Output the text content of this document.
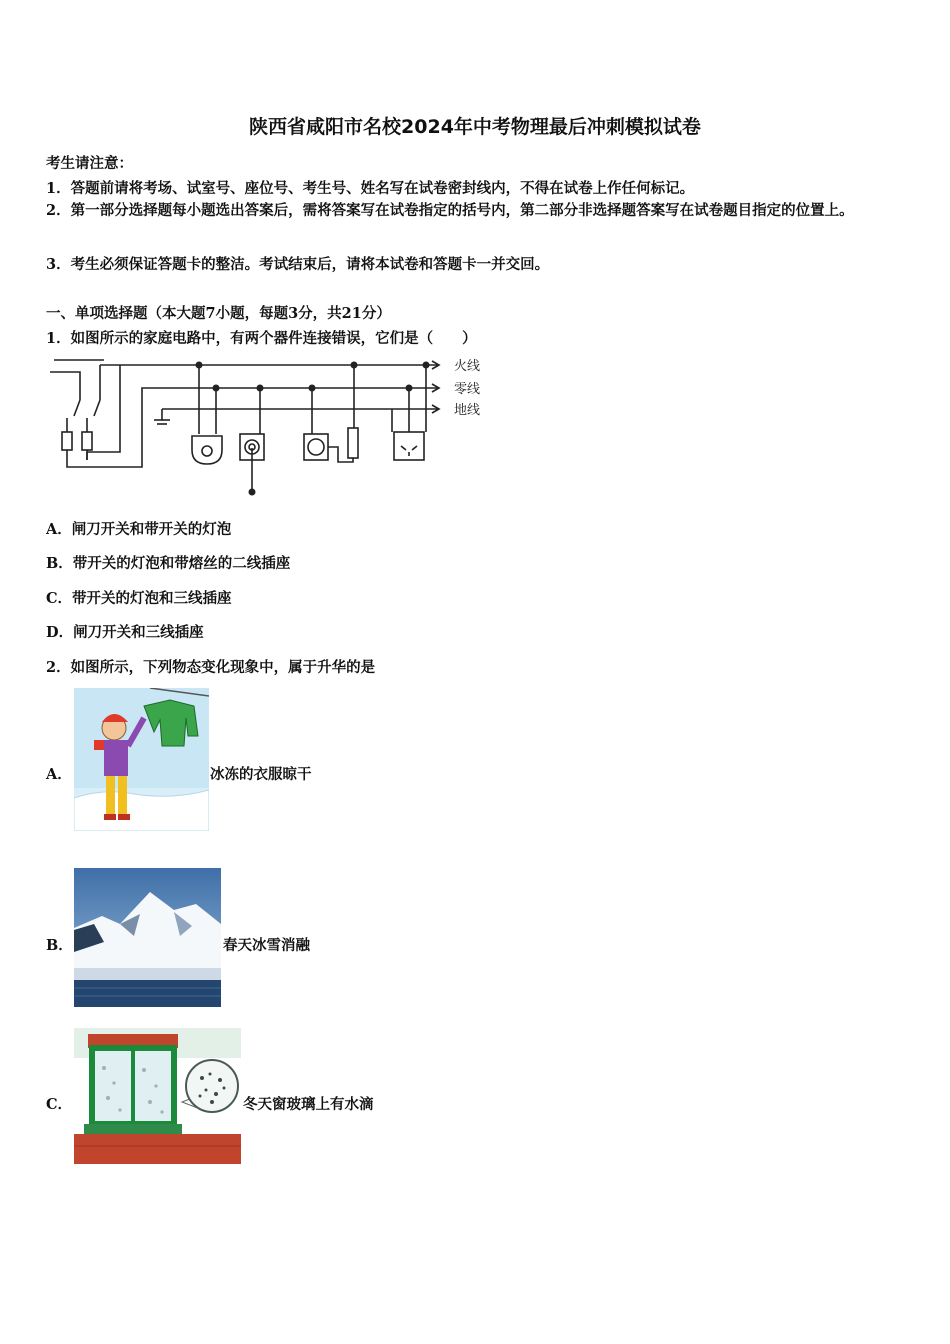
陕西省咸阳市名校2024年中考物理最后冲刺模拟试卷
考生请注意：
1．答题前请将考场、试室号、座位号、考生号、姓名写在试卷密封线内，不得在试卷上作任何标记。
2．第一部分选择题每小题选出答案后，需将答案写在试卷指定的括号内，第二部分非选择题答案写在试卷题目指定的位置上。
3．考生必须保证答题卡的整洁。考试结束后，请将本试卷和答题卡一并交回。
一、单项选择题（本大题7小题，每题3分，共21分）
1．如图所示的家庭电路中，有两个器件连接错误，它们是（　　）
火线
零线
地线
A．闸刀开关和带开关的灯泡
B．带开关的灯泡和带熔丝的二线插座
C．带开关的灯泡和三线插座
D．闸刀开关和三线插座
2．如图所示，下列物态变化现象中，属于升华的是
A．	冰冻的衣服晾干
B．	春天冰雪消融
C．	冬天窗玻璃上有水滴
